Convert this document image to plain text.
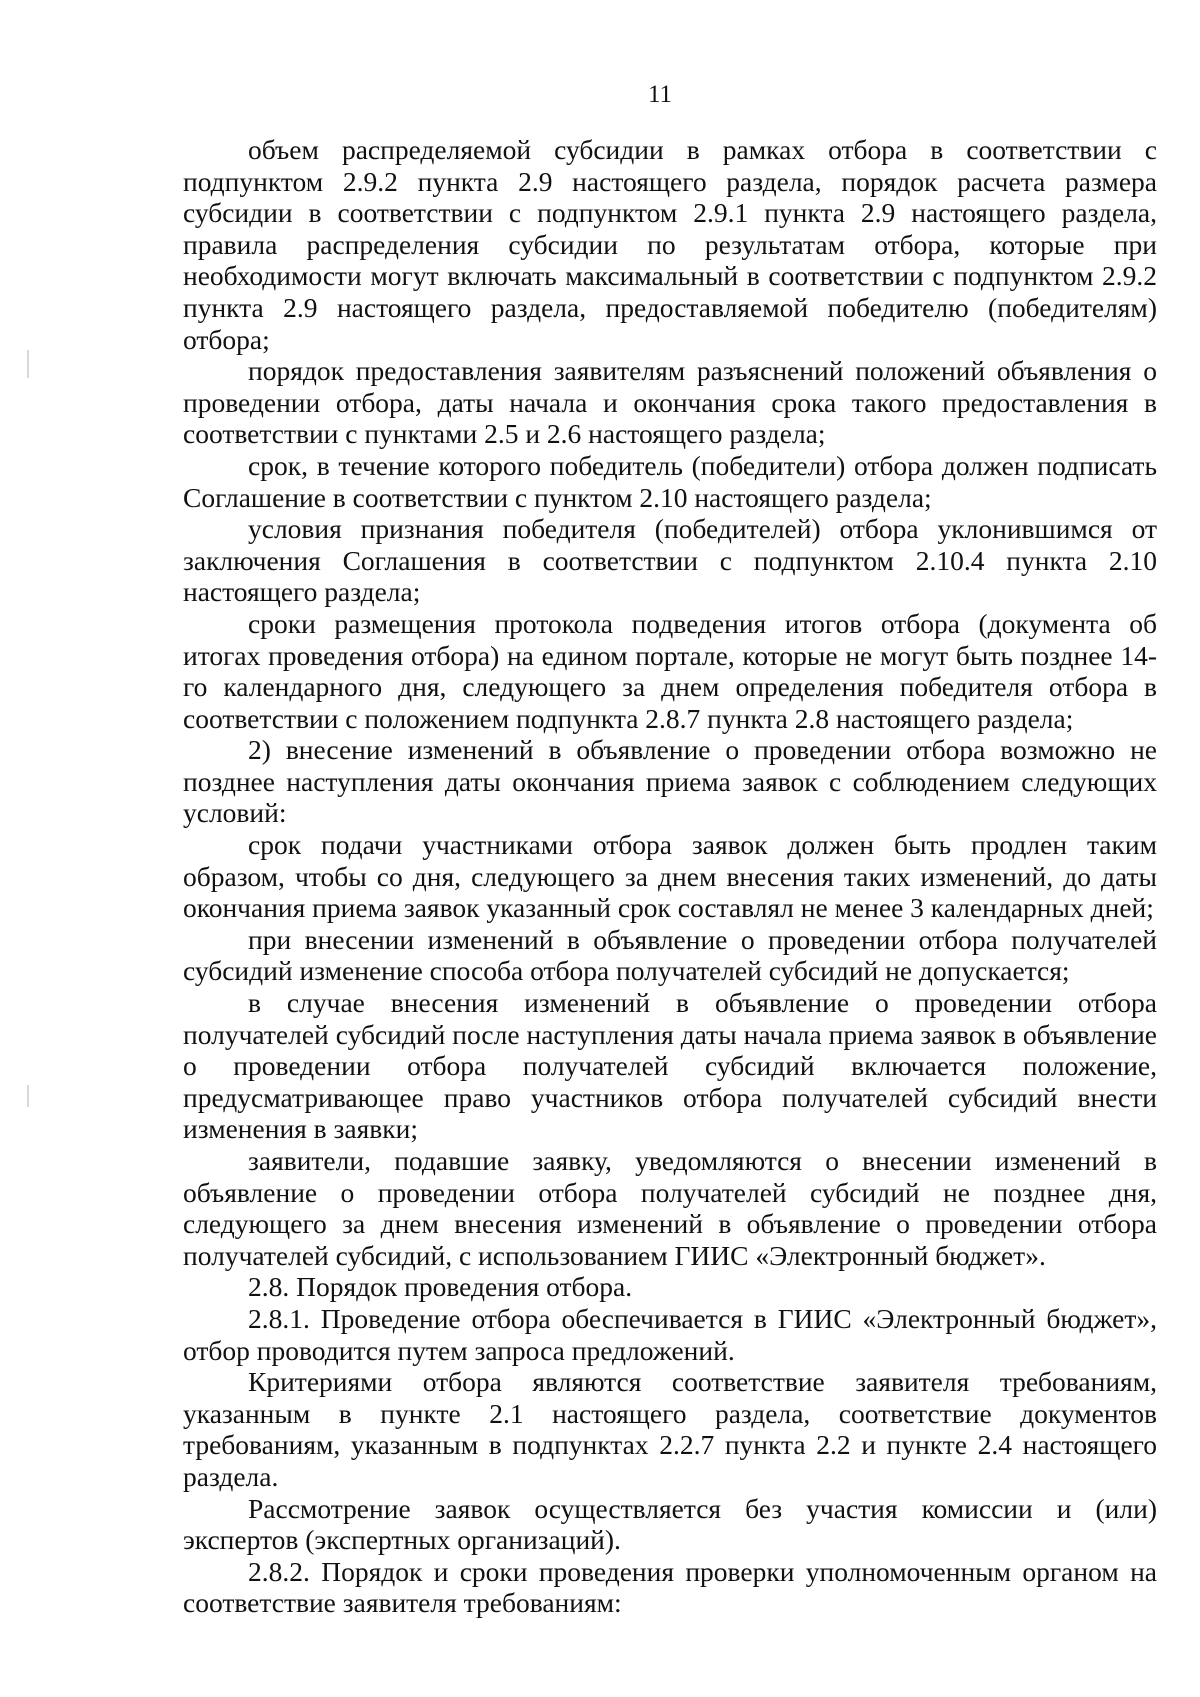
11

объем распределяемой субсидии в рамках отбора в соответствии с подпунктом 2.9.2 пункта 2.9 настоящего раздела, порядок расчета размера субсидии в соответствии с подпунктом 2.9.1 пункта 2.9 настоящего раздела, правила распределения субсидии по результатам отбора, которые при необходимости могут включать максимальный в соответствии с подпунктом 2.9.2 пункта 2.9 настоящего раздела, предоставляемой победителю (победителям) отбора;

порядок предоставления заявителям разъяснений положений объявления о проведении отбора, даты начала и окончания срока такого предоставления в соответствии с пунктами 2.5 и 2.6 настоящего раздела;

срок, в течение которого победитель (победители) отбора должен подписать Соглашение в соответствии с пунктом 2.10 настоящего раздела;

условия признания победителя (победителей) отбора уклонившимся от заключения Соглашения в соответствии с подпунктом 2.10.4 пункта 2.10 настоящего раздела;

сроки размещения протокола подведения итогов отбора (документа об итогах проведения отбора) на едином портале, которые не могут быть позднее 14-го календарного дня, следующего за днем определения победителя отбора в соответствии с положением подпункта 2.8.7 пункта 2.8 настоящего раздела;

2) внесение изменений в объявление о проведении отбора возможно не позднее наступления даты окончания приема заявок с соблюдением следующих условий:

срок подачи участниками отбора заявок должен быть продлен таким образом, чтобы со дня, следующего за днем внесения таких изменений, до даты окончания приема заявок указанный срок составлял не менее 3 календарных дней;

при внесении изменений в объявление о проведении отбора получателей субсидий изменение способа отбора получателей субсидий не допускается;

в случае внесения изменений в объявление о проведении отбора получателей субсидий после наступления даты начала приема заявок в объявление о проведении отбора получателей субсидий включается положение, предусматривающее право участников отбора получателей субсидий внести изменения в заявки;

заявители, подавшие заявку, уведомляются о внесении изменений в объявление о проведении отбора получателей субсидий не позднее дня, следующего за днем внесения изменений в объявление о проведении отбора получателей субсидий, с использованием ГИИС «Электронный бюджет».

2.8. Порядок проведения отбора.

2.8.1. Проведение отбора обеспечивается в ГИИС «Электронный бюджет», отбор проводится путем запроса предложений.

Критериями отбора являются соответствие заявителя требованиям, указанным в пункте 2.1 настоящего раздела, соответствие документов требованиям, указанным в подпунктах 2.2.7 пункта 2.2 и пункте 2.4 настоящего раздела.

Рассмотрение заявок осуществляется без участия комиссии и (или) экспертов (экспертных организаций).

2.8.2. Порядок и сроки проведения проверки уполномоченным органом на соответствие заявителя требованиям:
